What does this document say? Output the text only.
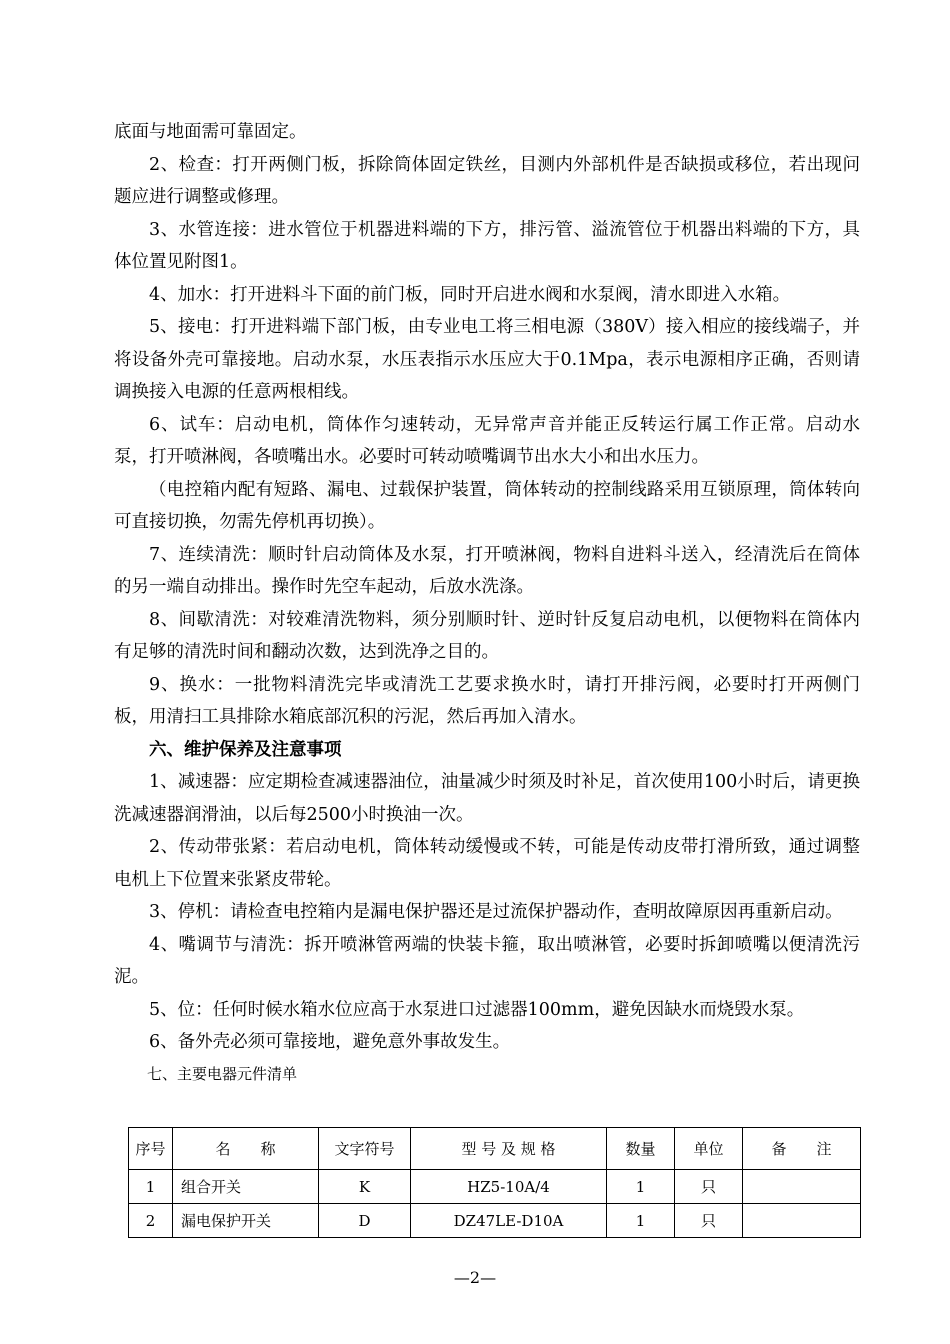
底面与地面需可靠固定。

2、检查：打开两侧门板，拆除筒体固定铁丝，目测内外部机件是否缺损或移位，若出现问题应进行调整或修理。

3、水管连接：进水管位于机器进料端的下方，排污管、溢流管位于机器出料端的下方，具体位置见附图1。

4、加水：打开进料斗下面的前门板，同时开启进水阀和水泵阀，清水即进入水箱。

5、接电：打开进料端下部门板，由专业电工将三相电源（380V）接入相应的接线端子，并将设备外壳可靠接地。启动水泵，水压表指示水压应大于0.1Mpa，表示电源相序正确，否则请调换接入电源的任意两根相线。

6、试车：启动电机，筒体作匀速转动，无异常声音并能正反转运行属工作正常。启动水泵，打开喷淋阀，各喷嘴出水。必要时可转动喷嘴调节出水大小和出水压力。

（电控箱内配有短路、漏电、过载保护装置，筒体转动的控制线路采用互锁原理，筒体转向可直接切换，勿需先停机再切换）。

7、连续清洗：顺时针启动筒体及水泵，打开喷淋阀，物料自进料斗送入，经清洗后在筒体的另一端自动排出。操作时先空车起动，后放水洗涤。

8、间歇清洗：对较难清洗物料，须分别顺时针、逆时针反复启动电机，以便物料在筒体内有足够的清洗时间和翻动次数，达到洗净之目的。

9、换水：一批物料清洗完毕或清洗工艺要求换水时，请打开排污阀，必要时打开两侧门板，用清扫工具排除水箱底部沉积的污泥，然后再加入清水。

六、维护保养及注意事项

1、减速器：应定期检查减速器油位，油量减少时须及时补足，首次使用100小时后，请更换洗减速器润滑油，以后每2500小时换油一次。

2、传动带张紧：若启动电机，筒体转动缓慢或不转，可能是传动皮带打滑所致，通过调整电机上下位置来张紧皮带轮。

3、停机：请检查电控箱内是漏电保护器还是过流保护器动作，查明故障原因再重新启动。

4、嘴调节与清洗：拆开喷淋管两端的快装卡箍，取出喷淋管，必要时拆卸喷嘴以便清洗污泥。

5、位：任何时候水箱水位应高于水泵进口过滤器100mm，避免因缺水而烧毁水泵。

6、备外壳必须可靠接地，避免意外事故发生。

七、主要电器元件清单

序号	名　　称	文字符号	型 号 及 规 格	数量	单位	备　　注
1	组合开关	K	HZ5-10A/4	1	只	
2	漏电保护开关	D	DZ47LE-D10A	1	只	
—2—
